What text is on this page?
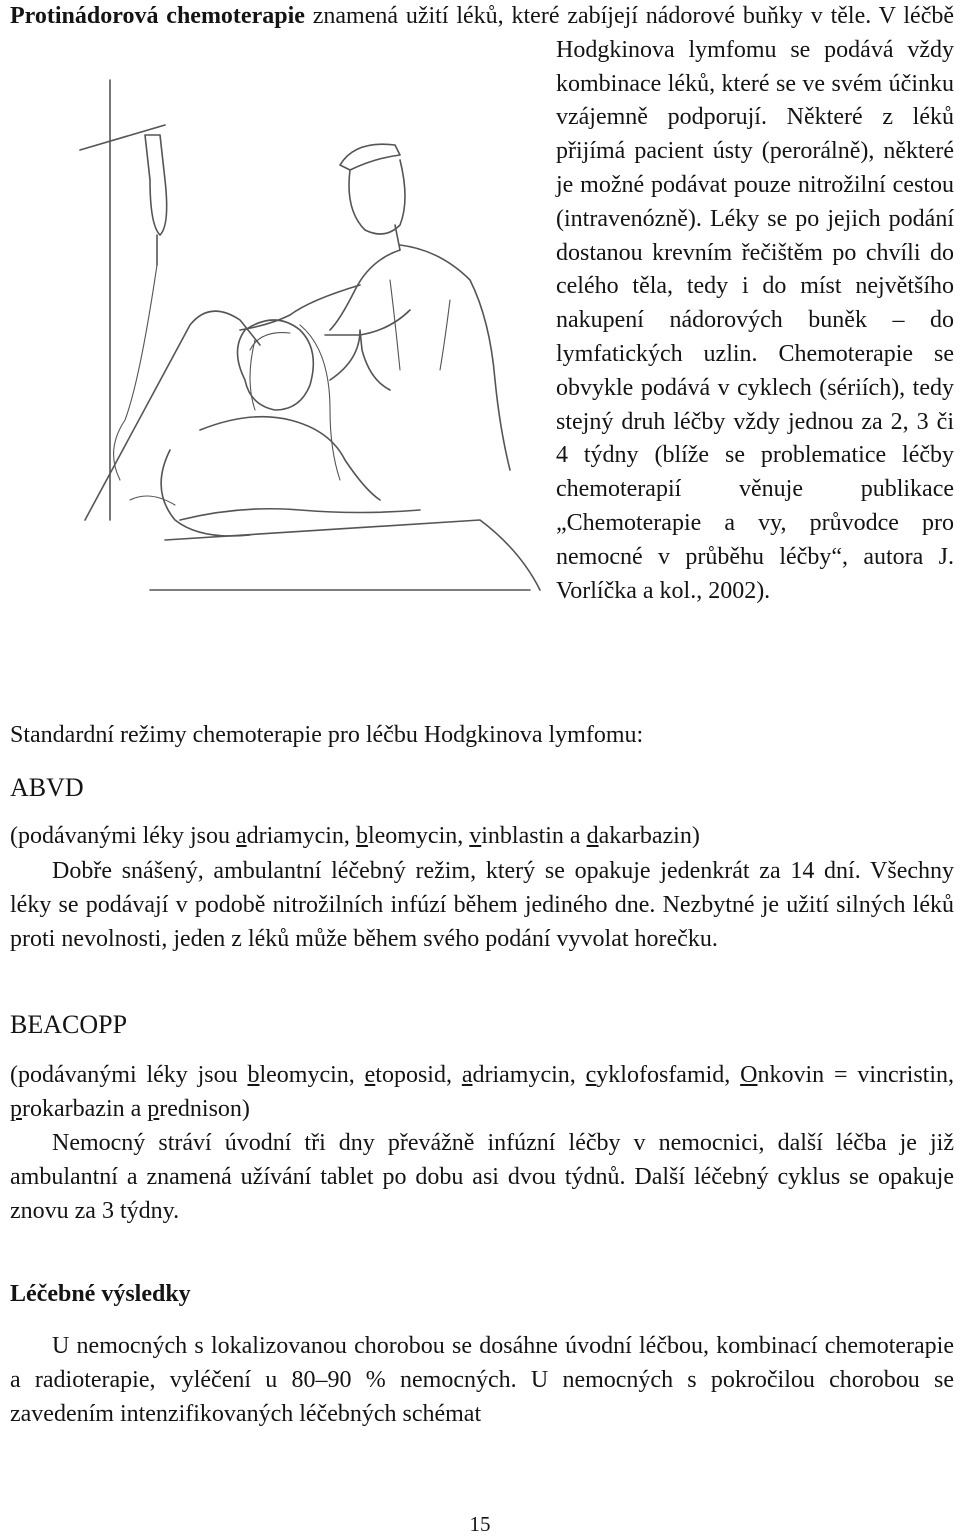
Protinádorová chemoterapie znamená užití léků, které zabíjejí nádorové buňky v těle. V léčbě Hodgkinova lymfomu se podává vždy kombinace léků, které se ve svém účinku vzájemně podporují. Některé z léků přijímá pacient ústy (perorálně), některé je možné podávat pouze nitrožilní cestou (intravenózně). Léky se po jejich podání dostanou krevním řečištěm po chvíli do celého těla, tedy i do míst největšího nakupení nádorových buněk – do lymfatických uzlin. Chemoterapie se obvykle podává v cyklech (sériích), tedy stejný druh léčby vždy jednou za 2, 3 či 4 týdny (blíže se problematice léčby chemoterapií věnuje publikace „Chemoterapie a vy, průvodce pro nemocné v průběhu léčby“, autora J. Vorlíčka a kol., 2002).
Standardní režimy chemoterapie pro léčbu Hodgkinova lymfomu:
ABVD
(podávanými léky jsou adriamycin, bleomycin, vinblastin a dakarbazin)
Dobře snášený, ambulantní léčebný režim, který se opakuje jedenkrát za 14 dní. Všechny léky se podávají v podobě nitrožilních infúzí během jediného dne. Nezbytné je užití silných léků proti nevolnosti, jeden z léků může během svého podání vyvolat horečku.
BEACOPP
(podávanými léky jsou bleomycin, etoposid, adriamycin, cyklofosfamid, Onkovin = vincristin, prokarbazin a prednison)
Nemocný stráví úvodní tři dny převážně infúzní léčby v nemocnici, další léčba je již ambulantní a znamená užívání tablet po dobu asi dvou týdnů. Další léčebný cyklus se opakuje znovu za 3 týdny.
Léčebné výsledky
U nemocných s lokalizovanou chorobou se dosáhne úvodní léčbou, kombinací chemoterapie a radioterapie, vyléčení u 80–90 % nemocných. U nemocných s pokročilou chorobou se zavedením intenzifikovaných léčebných schémat
15
